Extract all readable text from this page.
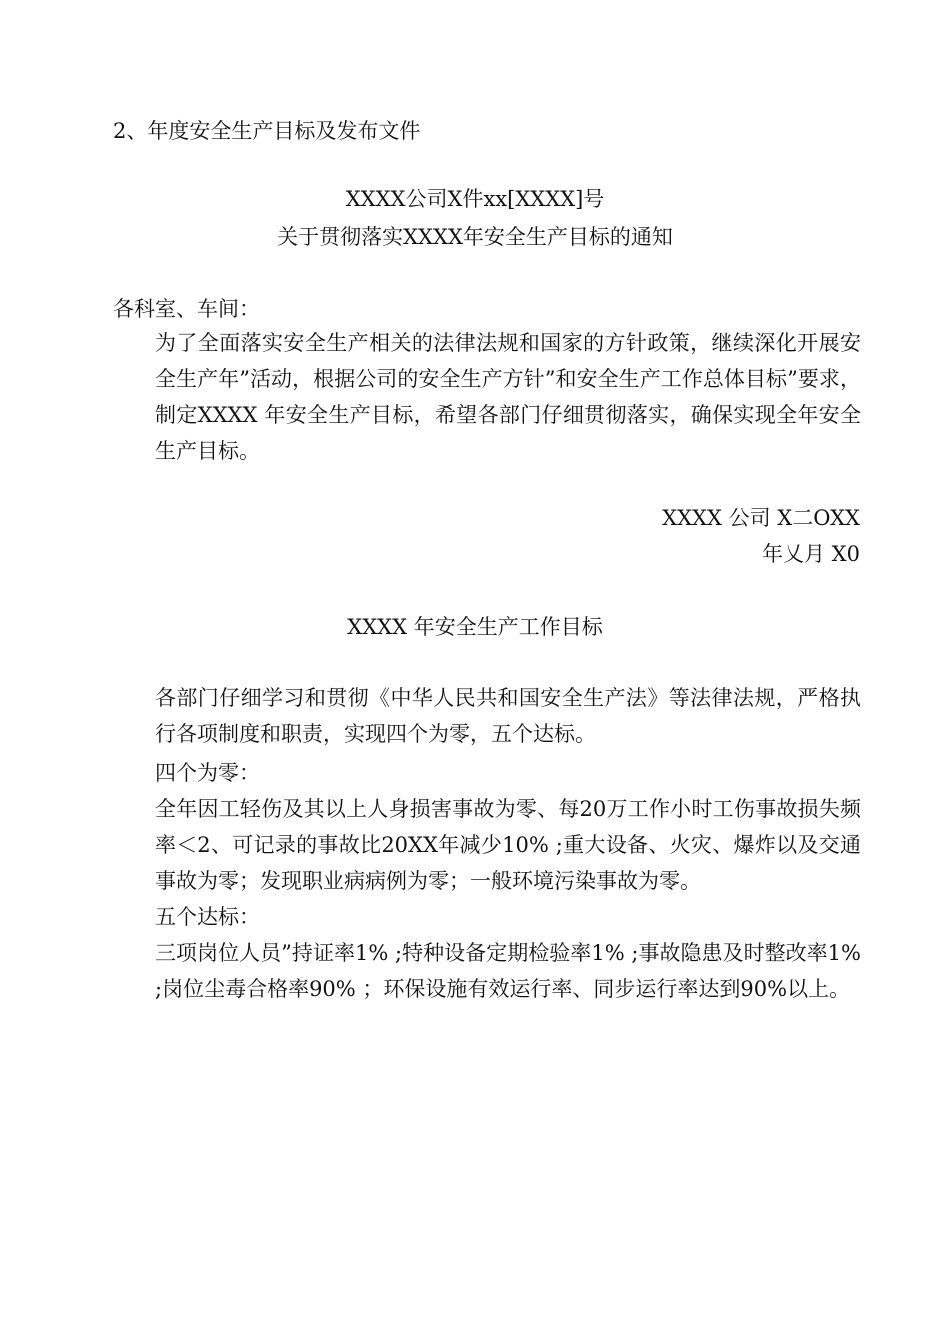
2、年度安全生产目标及发布文件
XXXX公司X件xx[XXXX]号
关于贯彻落实XXXX年安全生产目标的通知
各科室、车间：
为了全面落实安全生产相关的法律法规和国家的方针政策，继续深化开展安全生产年”活动，根据公司的安全生产方针”和安全生产工作总体目标”要求，制定XXXX 年安全生产目标，希望各部门仔细贯彻落实，确保实现全年安全生产目标。
XXXX 公司 X二OXX
年乂月 X0
XXXX 年安全生产工作目标
各部门仔细学习和贯彻《中华人民共和国安全生产法》等法律法规，严格执行各项制度和职责，实现四个为零，五个达标。
四个为零：
全年因工轻伤及其以上人身损害事故为零、每20万工作小时工伤事故损失频率＜2、可记录的事故比20XX年减少10% ;重大设备、火灾、爆炸以及交通事故为零；发现职业病病例为零；一般环境污染事故为零。
五个达标：
三项岗位人员”持证率1% ;特种设备定期检验率1% ;事故隐患及时整改率1% ;岗位尘毒合格率90% ；环保设施有效运行率、同步运行率达到90%以上。
